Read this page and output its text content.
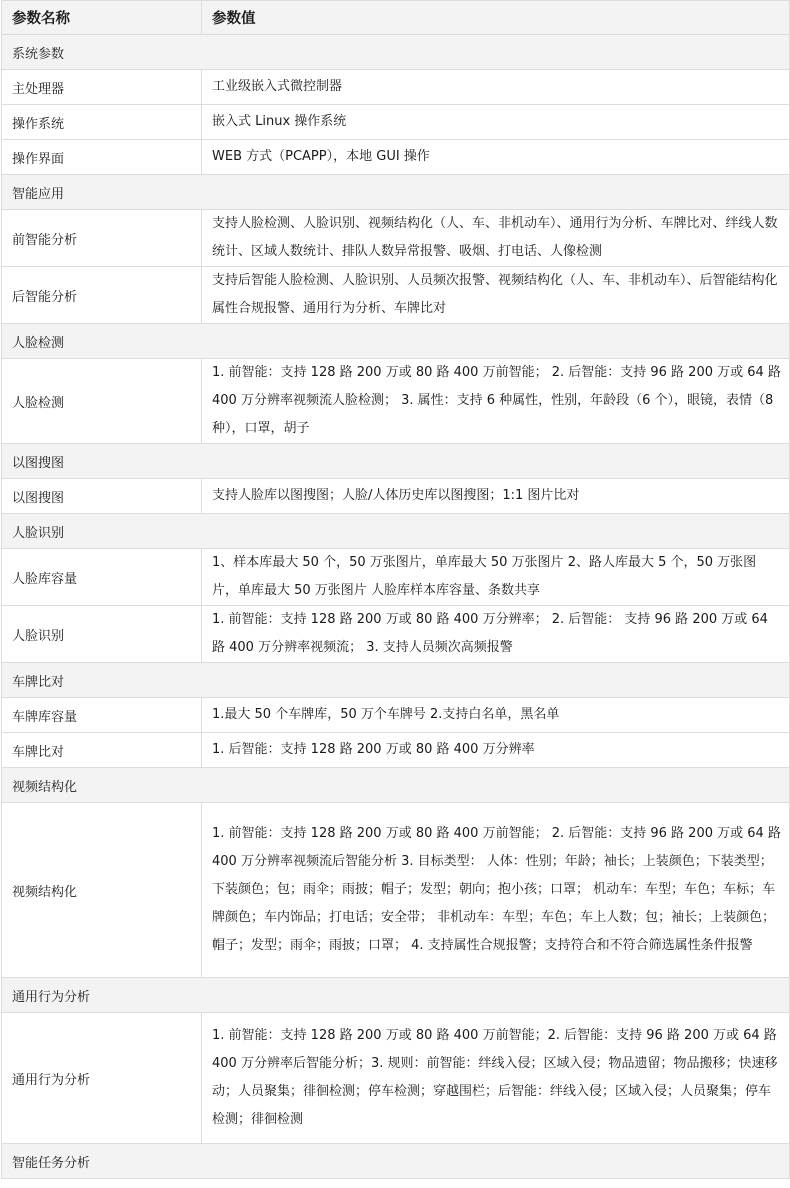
参数名称	参数值
系统参数	
主处理器	工业级嵌入式微控制器
操作系统	嵌入式 Linux 操作系统
操作界面	WEB 方式（PCAPP），本地 GUI 操作
智能应用	
前智能分析	支持人脸检测、人脸识别、视频结构化（人、车、非机动车）、通用行为分析、车牌比对、绊线人数统计、区域人数统计、排队人数异常报警、吸烟、打电话、人像检测
后智能分析	支持后智能人脸检测、人脸识别、人员频次报警、视频结构化（人、车、非机动车）、后智能结构化属性合规报警、通用行为分析、车牌比对
人脸检测	
人脸检测	1. 前智能：支持 128 路 200 万或 80 路 400 万前智能； 2. 后智能：支持 96 路 200 万或 64 路 400 万分辨率视频流人脸检测； 3. 属性：支持 6 种属性，性别，年龄段（6 个），眼镜，表情（8 种），口罩，胡子
以图搜图	
以图搜图	支持人脸库以图搜图；人脸/人体历史库以图搜图；1:1 图片比对
人脸识别	
人脸库容量	1、样本库最大 50 个，50 万张图片，单库最大 50 万张图片 2、路人库最大 5 个，50 万张图片，单库最大 50 万张图片 人脸库样本库容量、条数共享
人脸识别	1. 前智能：支持 128 路 200 万或 80 路 400 万分辨率； 2. 后智能： 支持 96 路 200 万或 64 路 400 万分辨率视频流； 3. 支持人员频次高频报警
车牌比对	
车牌库容量	1.最大 50 个车牌库，50 万个车牌号 2.支持白名单，黑名单
车牌比对	1. 后智能：支持 128 路 200 万或 80 路 400 万分辨率
视频结构化	
视频结构化	1. 前智能：支持 128 路 200 万或 80 路 400 万前智能； 2. 后智能：支持 96 路 200 万或 64 路 400 万分辨率视频流后智能分析 3. 目标类型： 人体：性别；年龄；袖长；上装颜色；下装类型；下装颜色；包；雨伞；雨披；帽子；发型；朝向；抱小孩；口罩； 机动车：车型；车色；车标；车牌颜色；车内饰品；打电话；安全带； 非机动车：车型；车色；车上人数；包；袖长；上装颜色；帽子；发型；雨伞；雨披；口罩； 4. 支持属性合规报警；支持符合和不符合筛选属性条件报警
通用行为分析	
通用行为分析	1. 前智能：支持 128 路 200 万或 80 路 400 万前智能；2. 后智能：支持 96 路 200 万或 64 路 400 万分辨率后智能分析；3. 规则：前智能：绊线入侵；区域入侵；物品遗留；物品搬移；快速移动；人员聚集；徘徊检测；停车检测；穿越围栏；后智能：绊线入侵；区域入侵；人员聚集；停车检测；徘徊检测
智能任务分析	
